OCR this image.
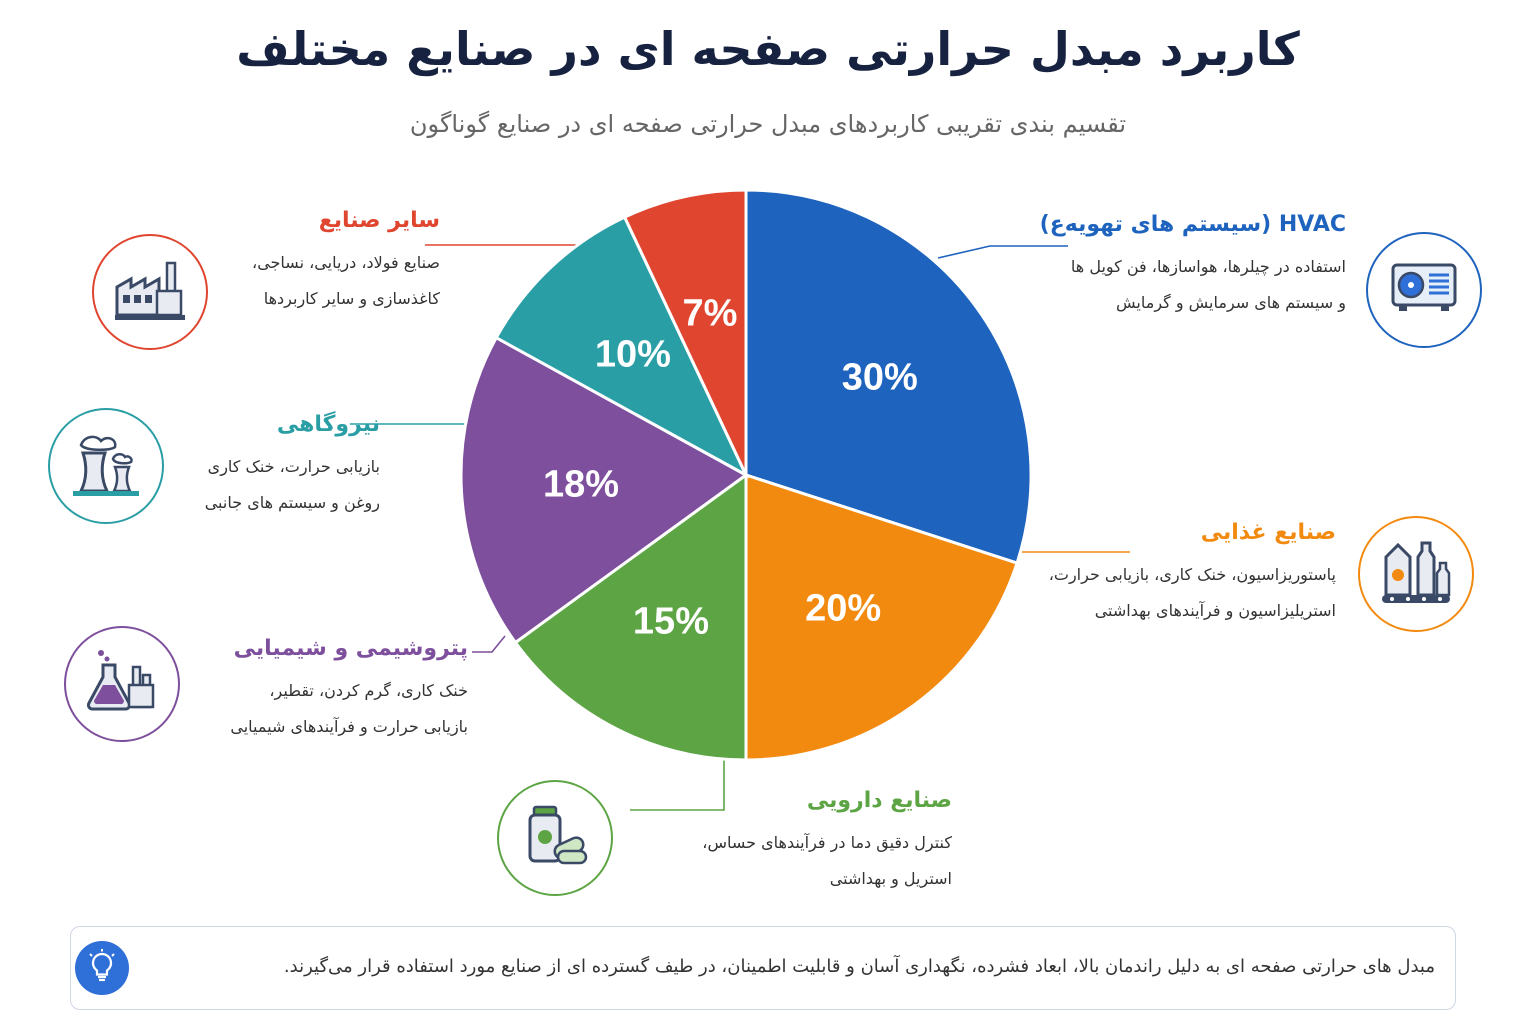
کاربرد مبدل حرارتی صفحه ای در صنایع مختلف
تقسیم بندی تقریبی کاربردهای مبدل حرارتی صفحه ای در صنایع گوناگون
30%
20%
15%
18%
10%
7%
HVAC (سیستم های تهویه‌ع)
استفاده در چیلرها، هواسازها، فن کویل ها
و سیستم های سرمایش و گرمایش
صنایع غذایی
پاستوریزاسیون، خنک کاری، بازیابی حرارت،
استریلیزاسیون و فرآیندهای بهداشتی
صنایع دارویی
کنترل دقیق دما در فرآیندهای حساس،
استریل و بهداشتی
پتروشیمی و شیمیایی
خنک کاری، گرم کردن، تقطیر،
بازیابی حرارت و فرآیندهای شیمیایی
نیروگاهی
بازیابی حرارت، خنک کاری
روغن و سیستم های جانبی
سایر صنایع
صنایع فولاد، دریایی، نساجی،
کاغذسازی و سایر کاربردها
مبدل های حرارتی صفحه ای به دلیل راندمان بالا، ابعاد فشرده، نگهداری آسان و قابلیت اطمینان، در طیف گسترده ای از صنایع مورد استفاده قرار می‌گیرند.
